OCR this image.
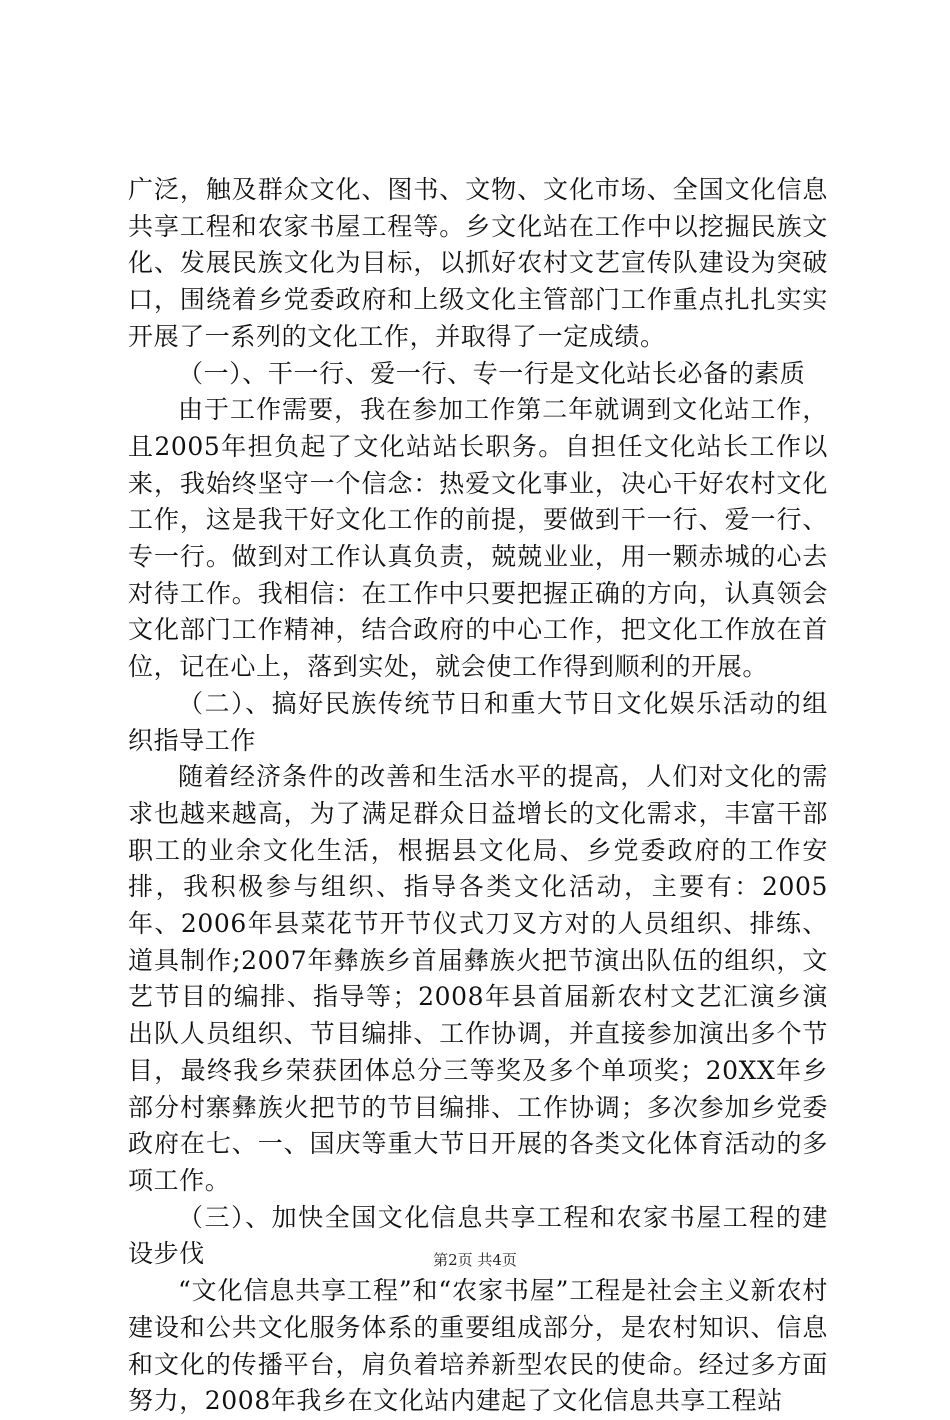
广泛，触及群众文化、图书、文物、文化市场、全国文化信息共享工程和农家书屋工程等。乡文化站在工作中以挖掘民族文化、发展民族文化为目标，以抓好农村文艺宣传队建设为突破口，围绕着乡党委政府和上级文化主管部门工作重点扎扎实实开展了一系列的文化工作，并取得了一定成绩。

（一）、干一行、爱一行、专一行是文化站长必备的素质

由于工作需要，我在参加工作第二年就调到文化站工作，且2005年担负起了文化站站长职务。自担任文化站长工作以来，我始终坚守一个信念：热爱文化事业，决心干好农村文化工作，这是我干好文化工作的前提，要做到干一行、爱一行、专一行。做到对工作认真负责，兢兢业业，用一颗赤城的心去对待工作。我相信：在工作中只要把握正确的方向，认真领会文化部门工作精神，结合政府的中心工作，把文化工作放在首位，记在心上，落到实处，就会使工作得到顺利的开展。

（二）、搞好民族传统节日和重大节日文化娱乐活动的组织指导工作

随着经济条件的改善和生活水平的提高，人们对文化的需求也越来越高，为了满足群众日益增长的文化需求，丰富干部职工的业余文化生活，根据县文化局、乡党委政府的工作安排，我积极参与组织、指导各类文化活动，主要有：2005年、2006年县菜花节开节仪式刀叉方对的人员组织、排练、道具制作;2007年彝族乡首届彝族火把节演出队伍的组织，文艺节目的编排、指导等；2008年县首届新农村文艺汇演乡演出队人员组织、节目编排、工作协调，并直接参加演出多个节目，最终我乡荣获团体总分三等奖及多个单项奖；20XX年乡部分村寨彝族火把节的节目编排、工作协调；多次参加乡党委政府在七、一、国庆等重大节日开展的各类文化体育活动的多项工作。

（三）、加快全国文化信息共享工程和农家书屋工程的建设步伐

“文化信息共享工程”和“农家书屋”工程是社会主义新农村建设和公共文化服务体系的重要组成部分，是农村知识、信息和文化的传播平台，肩负着培养新型农民的使命。经过多方面努力，2008年我乡在文化站内建起了文化信息共享工程站

第2页 共4页
